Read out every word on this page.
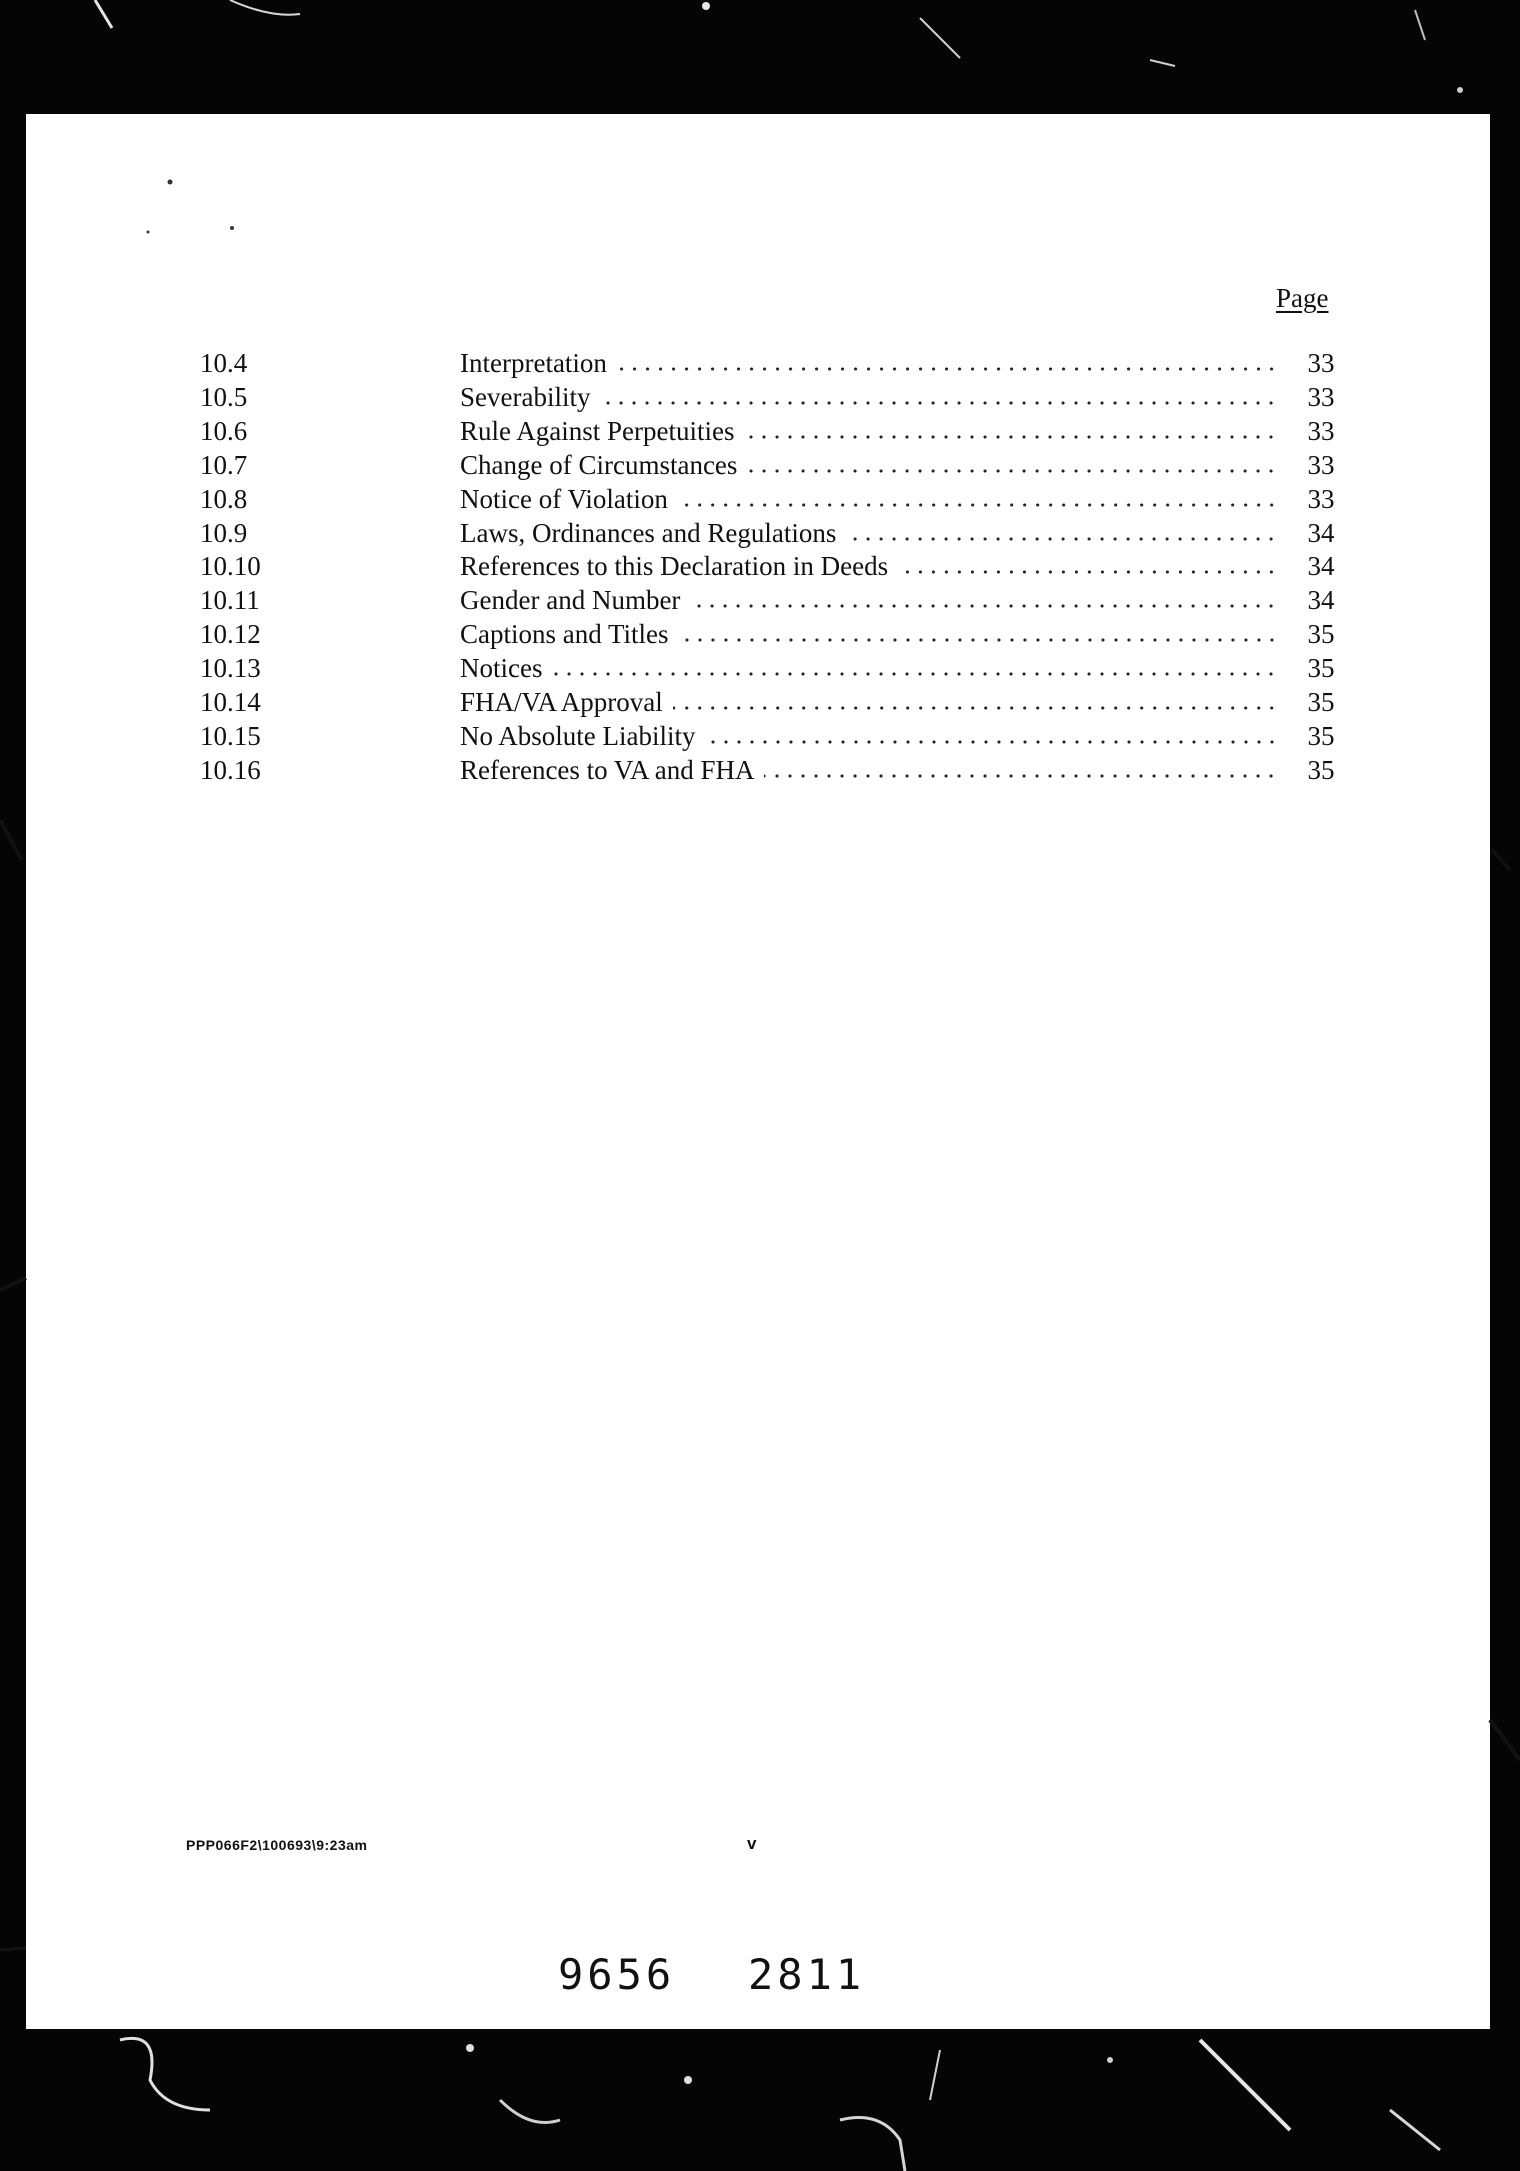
Page
10.4	Interpretation	33
10.5	Severability	33
10.6	Rule Against Perpetuities	33
10.7	Change of Circumstances	33
10.8	Notice of Violation	33
10.9	Laws, Ordinances and Regulations	34
10.10	References to this Declaration in Deeds	34
10.11	Gender and Number	34
10.12	Captions and Titles	35
10.13	Notices	35
10.14	FHA/VA Approval	35
10.15	No Absolute Liability	35
10.16	References to VA and FHA	35
PPP066F2\100693\9:23am	v
9656 2811
